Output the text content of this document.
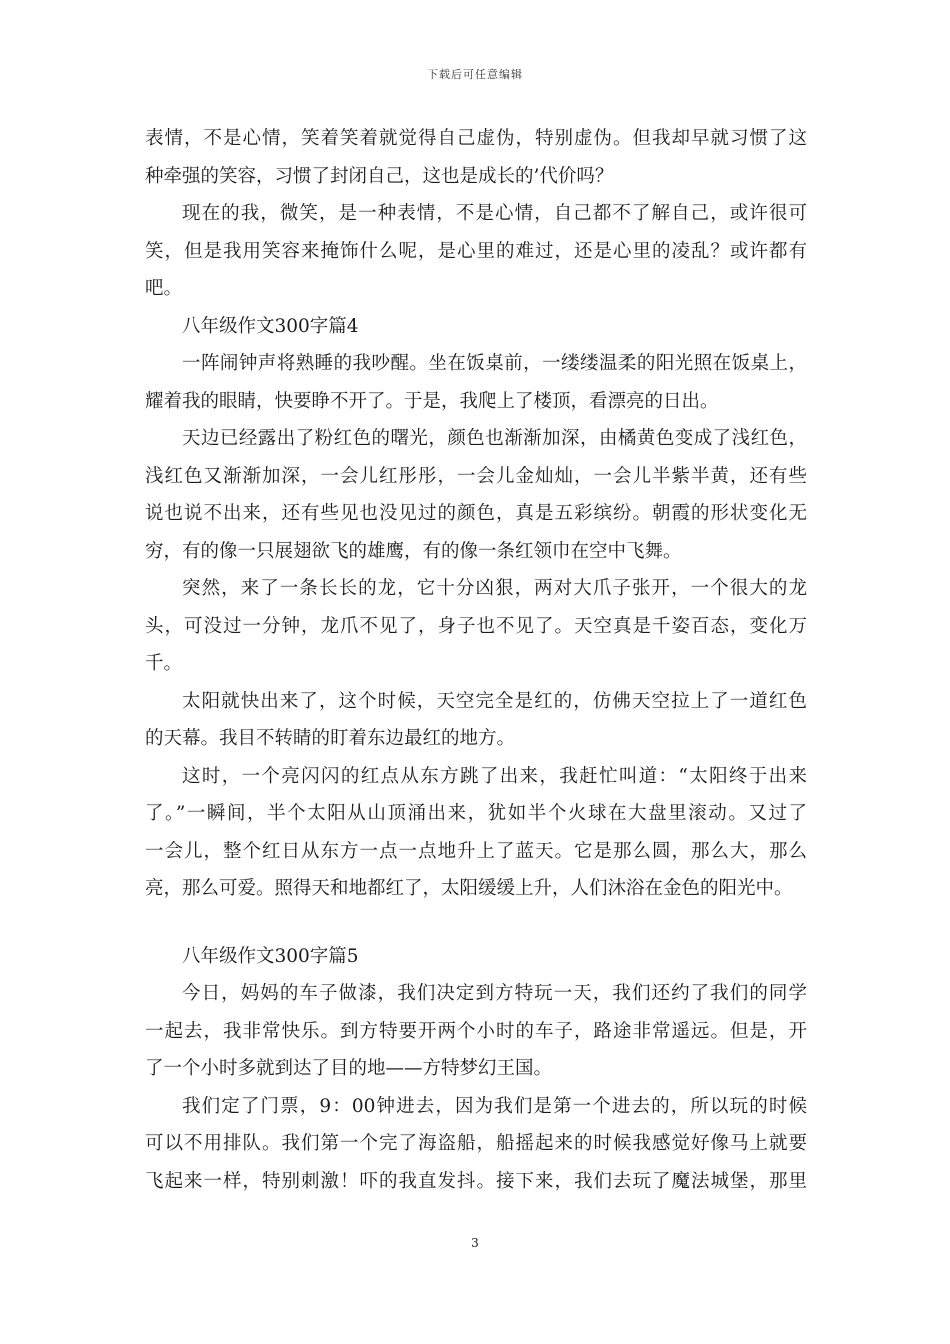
下载后可任意编辑
表情，不是心情，笑着笑着就觉得自己虚伪，特别虚伪。但我却早就习惯了这
种牵强的笑容，习惯了封闭自己，这也是成长的’代价吗？
现在的我，微笑，是一种表情，不是心情，自己都不了解自己，或许很可
笑，但是我用笑容来掩饰什么呢，是心里的难过，还是心里的凌乱？或许都有
吧。
八年级作文300字篇4
一阵闹钟声将熟睡的我吵醒。坐在饭桌前，一缕缕温柔的阳光照在饭桌上，
耀着我的眼睛，快要睁不开了。于是，我爬上了楼顶，看漂亮的日出。
天边已经露出了粉红色的曙光，颜色也渐渐加深，由橘黄色变成了浅红色，
浅红色又渐渐加深，一会儿红彤彤，一会儿金灿灿，一会儿半紫半黄，还有些
说也说不出来，还有些见也没见过的颜色，真是五彩缤纷。朝霞的形状变化无
穷，有的像一只展翅欲飞的雄鹰，有的像一条红领巾在空中飞舞。
突然，来了一条长长的龙，它十分凶狠，两对大爪子张开，一个很大的龙
头，可没过一分钟，龙爪不见了，身子也不见了。天空真是千姿百态，变化万
千。
太阳就快出来了，这个时候，天空完全是红的，仿佛天空拉上了一道红色
的天幕。我目不转睛的盯着东边最红的地方。
这时，一个亮闪闪的红点从东方跳了出来，我赶忙叫道：“太阳终于出来
了。”一瞬间，半个太阳从山顶涌出来，犹如半个火球在大盘里滚动。又过了
一会儿，整个红日从东方一点一点地升上了蓝天。它是那么圆，那么大，那么
亮，那么可爱。照得天和地都红了，太阳缓缓上升，人们沐浴在金色的阳光中。
八年级作文300字篇5
今日，妈妈的车子做漆，我们决定到方特玩一天，我们还约了我们的同学
一起去，我非常快乐。到方特要开两个小时的车子，路途非常遥远。但是，开
了一个小时多就到达了目的地——方特梦幻王国。
我们定了门票，9：00钟进去，因为我们是第一个进去的，所以玩的时候
可以不用排队。我们第一个完了海盗船，船摇起来的时候我感觉好像马上就要
飞起来一样，特别刺激！吓的我直发抖。接下来，我们去玩了魔法城堡，那里
3
